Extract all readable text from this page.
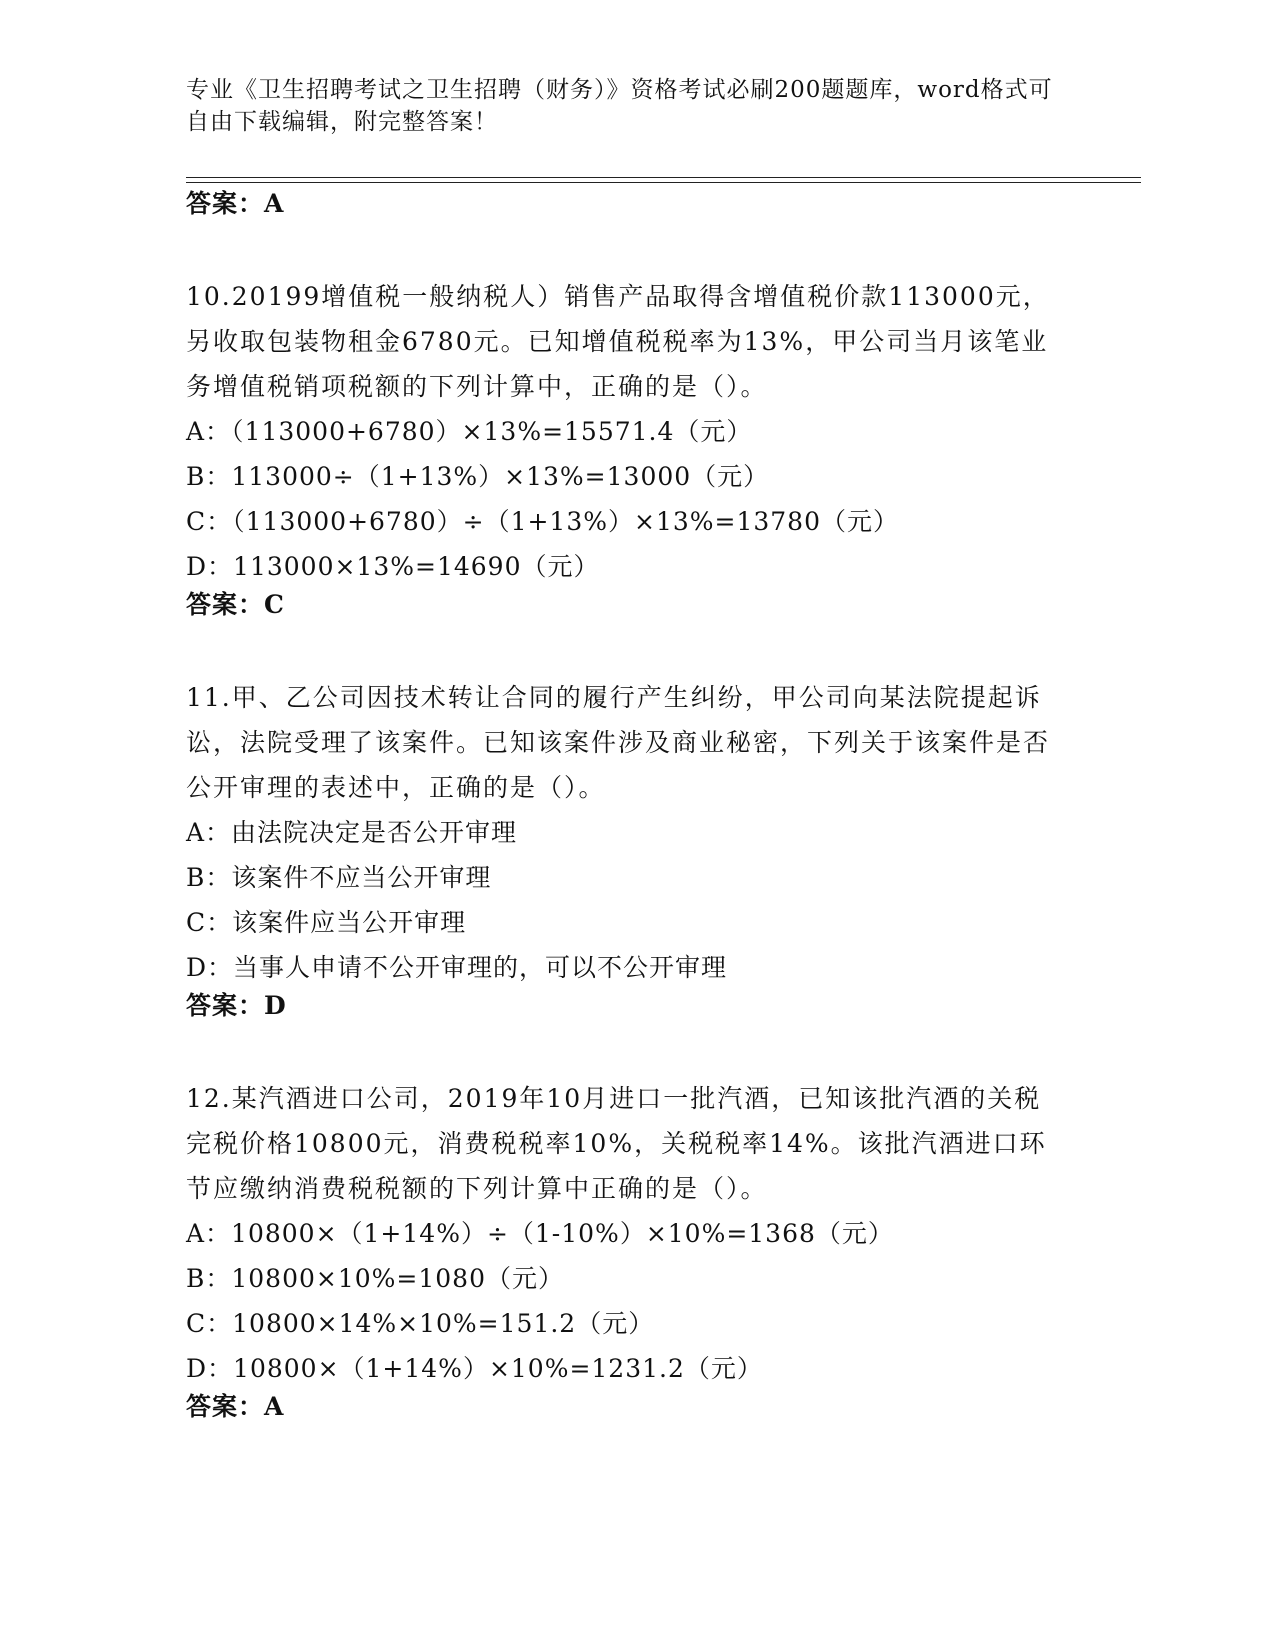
专业《卫生招聘考试之卫生招聘（财务）》资格考试必刷200题题库，word格式可自由下载编辑，附完整答案！

答案：A

10.20199增值税一般纳税人）销售产品取得含增值税价款113000元，另收取包装物租金6780元。已知增值税税率为13%，甲公司当月该笔业务增值税销项税额的下列计算中，正确的是（）。

A：（113000+6780）×13%=15571.4（元）

B：113000÷（1+13%）×13%=13000（元）

C：（113000+6780）÷（1+13%）×13%=13780（元）

D：113000×13%=14690（元）

答案：C

11.甲、乙公司因技术转让合同的履行产生纠纷，甲公司向某法院提起诉讼，法院受理了该案件。已知该案件涉及商业秘密，下列关于该案件是否公开审理的表述中，正确的是（）。

A：由法院决定是否公开审理

B：该案件不应当公开审理

C：该案件应当公开审理

D：当事人申请不公开审理的，可以不公开审理

答案：D

12.某汽酒进口公司，2019年10月进口一批汽酒，已知该批汽酒的关税完税价格10800元，消费税税率10%，关税税率14%。该批汽酒进口环节应缴纳消费税税额的下列计算中正确的是（）。

A：10800×（1+14%）÷（1-10%）×10%=1368（元）

B：10800×10%=1080（元）

C：10800×14%×10%=151.2（元）

D：10800×（1+14%）×10%=1231.2（元）

答案：A
